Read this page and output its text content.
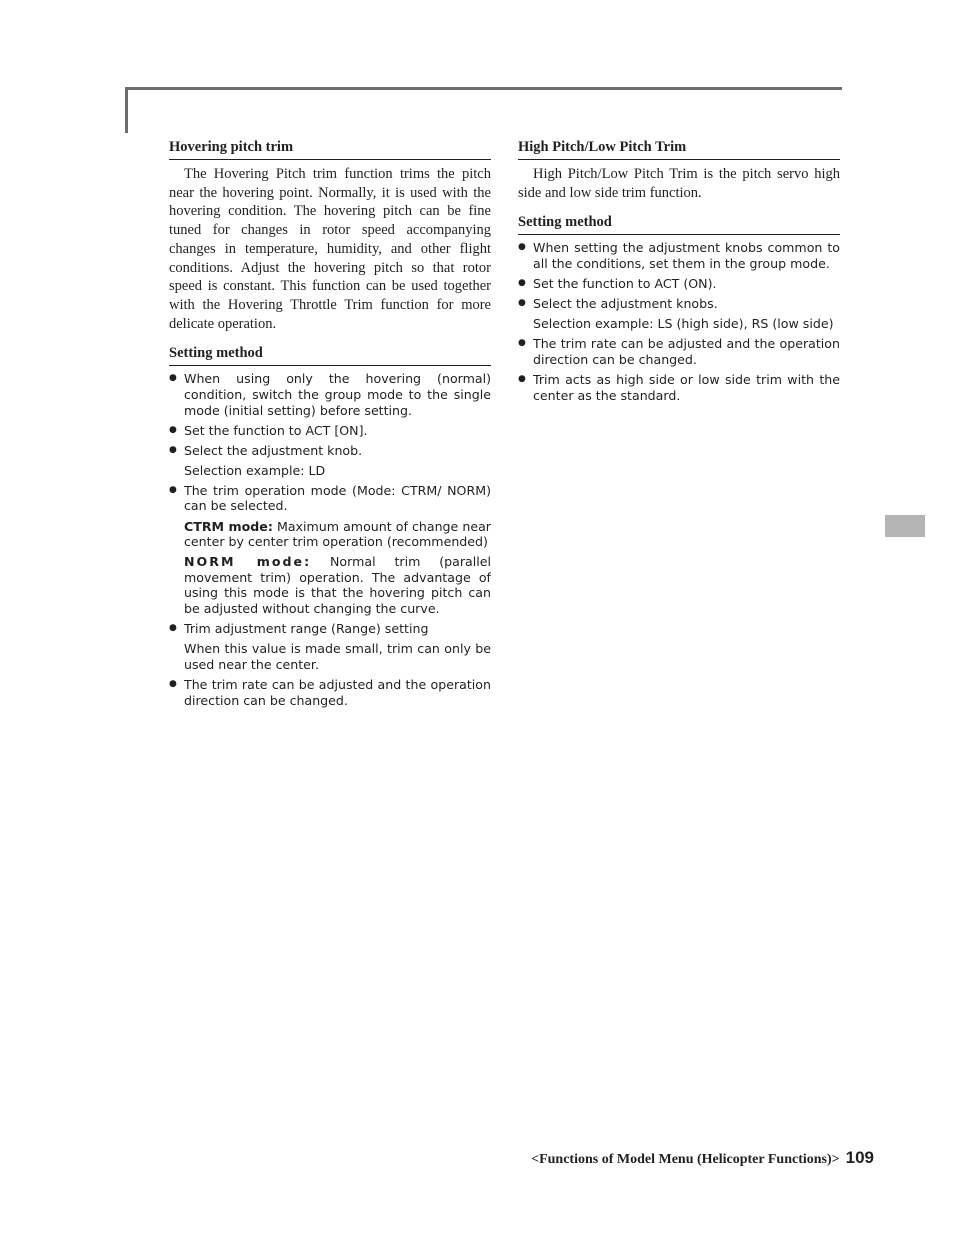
Hovering pitch trim

The Hovering Pitch trim function trims the pitch near the hovering point. Normally, it is used with the hovering condition. The hovering pitch can be fine tuned for changes in rotor speed accompanying changes in temperature, humidity, and other flight conditions. Adjust the hovering pitch so that rotor speed is constant. This function can be used together with the Hovering Throttle Trim function for more delicate operation.

Setting method
● When using only the hovering (normal) condition, switch the group mode to the single mode (initial setting) before setting.
● Set the function to ACT [ON].
● Select the adjustment knob.

Selection example: LD

● The trim operation mode (Mode: CTRM/ NORM) can be selected.

CTRM mode: Maximum amount of change near center by center trim operation (recommended)

NORM mode: Normal trim (parallel movement trim) operation. The advantage of using this mode is that the hovering pitch can be adjusted without changing the curve.

● Trim adjustment range (Range) setting

When this value is made small, trim can only be used near the center.

● The trim rate can be adjusted and the operation direction can be changed.
High Pitch/Low Pitch Trim

High Pitch/Low Pitch Trim is the pitch servo high side and low side trim function.

Setting method
● When setting the adjustment knobs common to all the conditions, set them in the group mode.
● Set the function to ACT (ON).
● Select the adjustment knobs.

Selection example: LS (high side), RS (low side)

● The trim rate can be adjusted and the operation direction can be changed.
● Trim acts as high side or low side trim with the center as the standard.
<Functions of Model Menu (Helicopter Functions)> 109
